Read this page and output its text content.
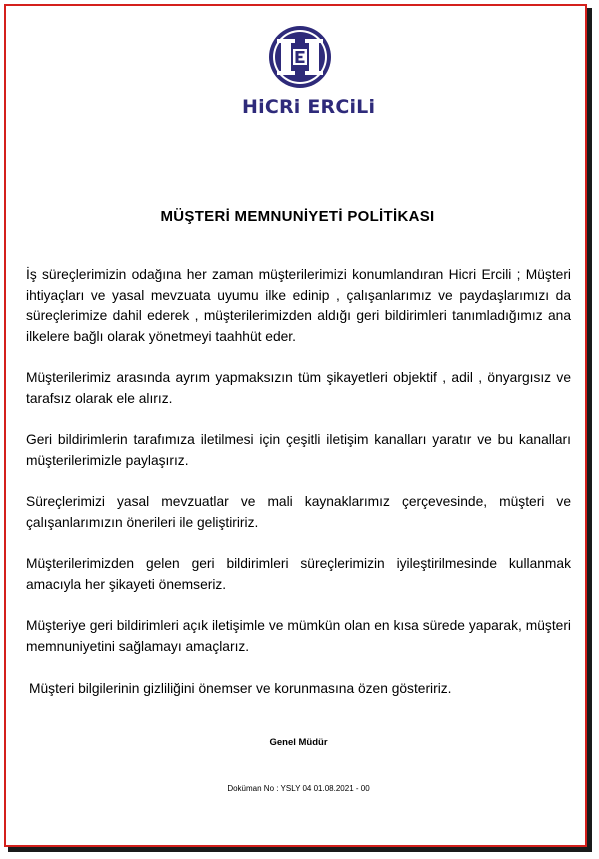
HiCRi ERCiLi
MÜŞTERİ MEMNUNİYETİ POLİTİKASI

İş süreçlerimizin odağına her zaman müşterilerimizi konumlandıran Hicri Ercili ; Müşteri ihtiyaçları ve yasal mevzuata uyumu ilke edinip , çalışanlarımız ve paydaşlarımızı da süreçlerimize dahil ederek , müşterilerimizden aldığı geri bildirimleri tanımladığımız ana ilkelere bağlı olarak yönetmeyi taahhüt eder.

Müşterilerimiz arasında ayrım yapmaksızın tüm şikayetleri objektif , adil , önyargısız ve tarafsız olarak ele alırız.

Geri bildirimlerin tarafımıza iletilmesi için çeşitli iletişim kanalları yaratır ve bu kanalları müşterilerimizle paylaşırız.

Süreçlerimizi yasal mevzuatlar ve mali kaynaklarımız çerçevesinde, müşteri ve çalışanlarımızın önerileri ile geliştiririz.

Müşterilerimizden gelen geri bildirimleri süreçlerimizin iyileştirilmesinde kullanmak amacıyla her şikayeti önemseriz.

Müşteriye geri bildirimleri açık iletişimle ve mümkün olan en kısa sürede yaparak, müşteri memnuniyetini sağlamayı amaçlarız.

Müşteri bilgilerinin gizliliğini önemser ve korunmasına özen gösteririz.

Genel Müdür
Doküman No : YSLY 04 01.08.2021 - 00
